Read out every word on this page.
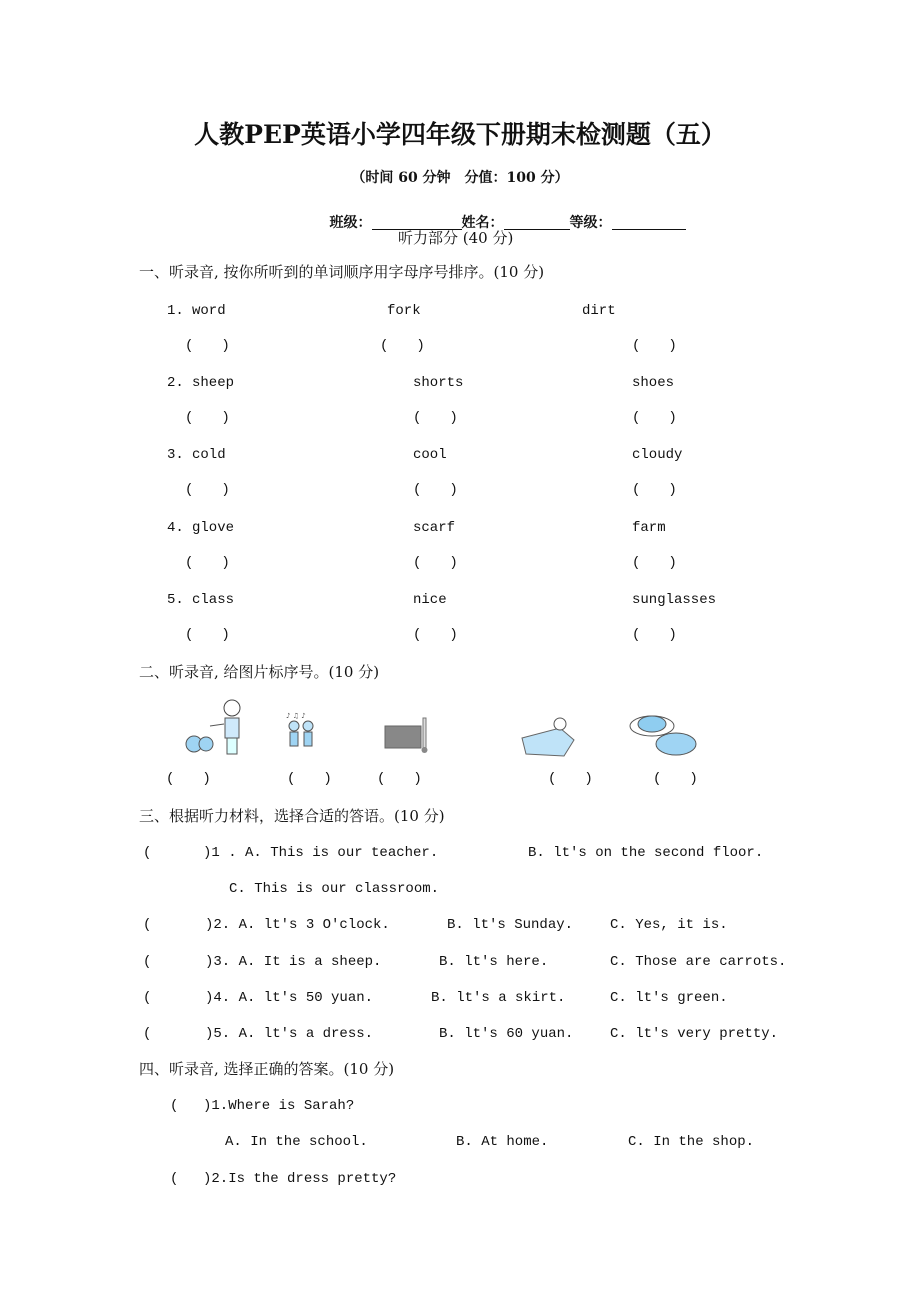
人教PEP英语小学四年级下册期末检测题（五）
（时间 60 分钟　分值：100 分）

班级：	姓名：	等级：

听力部分 (40 分)
一、听录音, 按你所听到的单词顺序用字母序号排序。(10 分)
1. word	fork	dirt
(　　)	(　　)	(　　)
2. sheep	shorts	shoes
(　　)	(　　)	(　　)
3. cold	cool	cloudy
(　　)	(　　)	(　　)
4. glove	scarf	farm
(　　)	(　　)	(　　)
5. class	nice	sunglasses
(　　)	(　　)	(　　)
二、听录音, 给图片标序号。(10 分)
♪ ♫ ♪
(　　)	(　　)	(　　)	(　　)	(　　)
三、根据听力材料，选择合适的答语。(10 分)
(	)1 . A. This is our teacher.	B. lt's on the second floor.
C. This is our classroom.
(	)2. A. lt's 3 O'clock.	B. lt's Sunday.	C. Yes, it is.
(	)3. A. It is a sheep.	B. lt's here.	C. Those are carrots.
(	)4. A. lt's 50 yuan.	B. lt's a skirt.	C. lt's green.
(	)5. A. lt's a dress.	B. lt's 60 yuan.	C. lt's very pretty.
四、听录音, 选择正确的答案。(10 分)
( )1.Where is Sarah?
A. In the school.	B. At home.	C. In the shop.
( )2.Is the dress pretty?
